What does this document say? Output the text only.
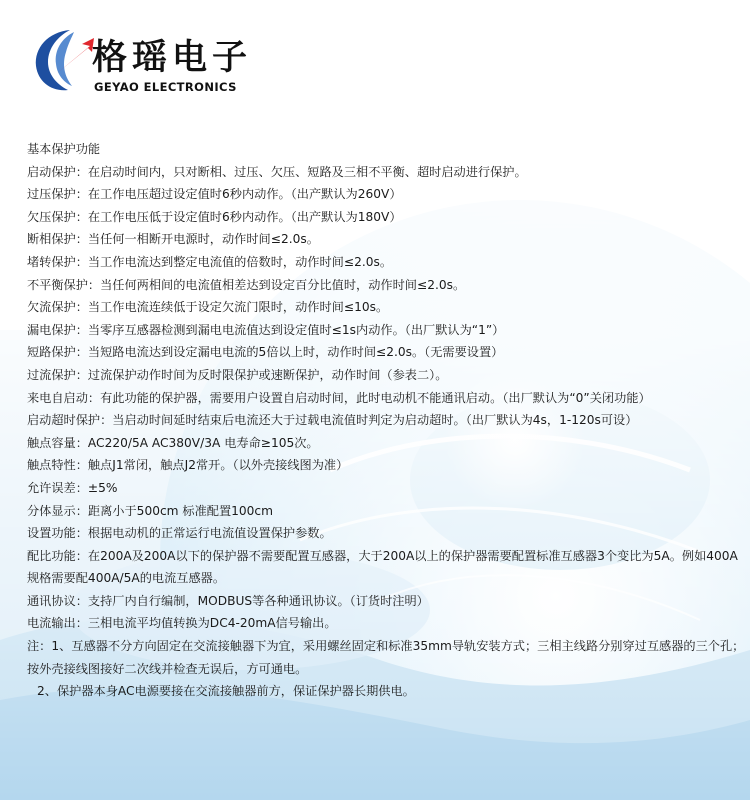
格瑶电子
GEYAO ELECTRONICS
基本保护功能
启动保护：在启动时间内，只对断相、过压、欠压、短路及三相不平衡、超时启动进行保护。
过压保护：在工作电压超过设定值时6秒内动作。（出产默认为260V）
欠压保护：在工作电压低于设定值时6秒内动作。（出产默认为180V）
断相保护：当任何一相断开电源时，动作时间≤2.0s。
堵转保护：当工作电流达到整定电流值的倍数时，动作时间≤2.0s。
不平衡保护：当任何两相间的电流值相差达到设定百分比值时，动作时间≤2.0s。
欠流保护：当工作电流连续低于设定欠流门限时，动作时间≤10s。
漏电保护：当零序互感器检测到漏电电流值达到设定值时≤1s内动作。（出厂默认为“1”）
短路保护：当短路电流达到设定漏电电流的5倍以上时，动作时间≤2.0s。（无需要设置）
过流保护：过流保护动作时间为反时限保护或速断保护，动作时间（参表二）。
来电自启动：有此功能的保护器，需要用户设置自启动时间，此时电动机不能通讯启动。（出厂默认为“0”关闭功能）
启动超时保护：当启动时间延时结束后电流还大于过载电流值时判定为启动超时。（出厂默认为4s，1-120s可设）
触点容量：AC220/5A AC380V/3A 电寿命≥105次。
触点特性：触点J1常闭，触点J2常开。（以外壳接线图为准）
允许误差：±5%
分体显示：距离小于500cm 标准配置100cm
设置功能：根据电动机的正常运行电流值设置保护参数。
配比功能：在200A及200A以下的保护器不需要配置互感器，大于200A以上的保护器需要配置标准互感器3个变比为5A。例如400A规格需要配400A/5A的电流互感器。
通讯协议：支持厂内自行编制，MODBUS等各种通讯协议。（订货时注明）
电流输出：三相电流平均值转换为DC4-20mA信号输出。
注：1、互感器不分方向固定在交流接触器下为宜，采用螺丝固定和标准35mm导轨安装方式；三相主线路分别穿过互感器的三个孔；按外壳接线图接好二次线并检查无误后，方可通电。
2、保护器本身AC电源要接在交流接触器前方，保证保护器长期供电。
